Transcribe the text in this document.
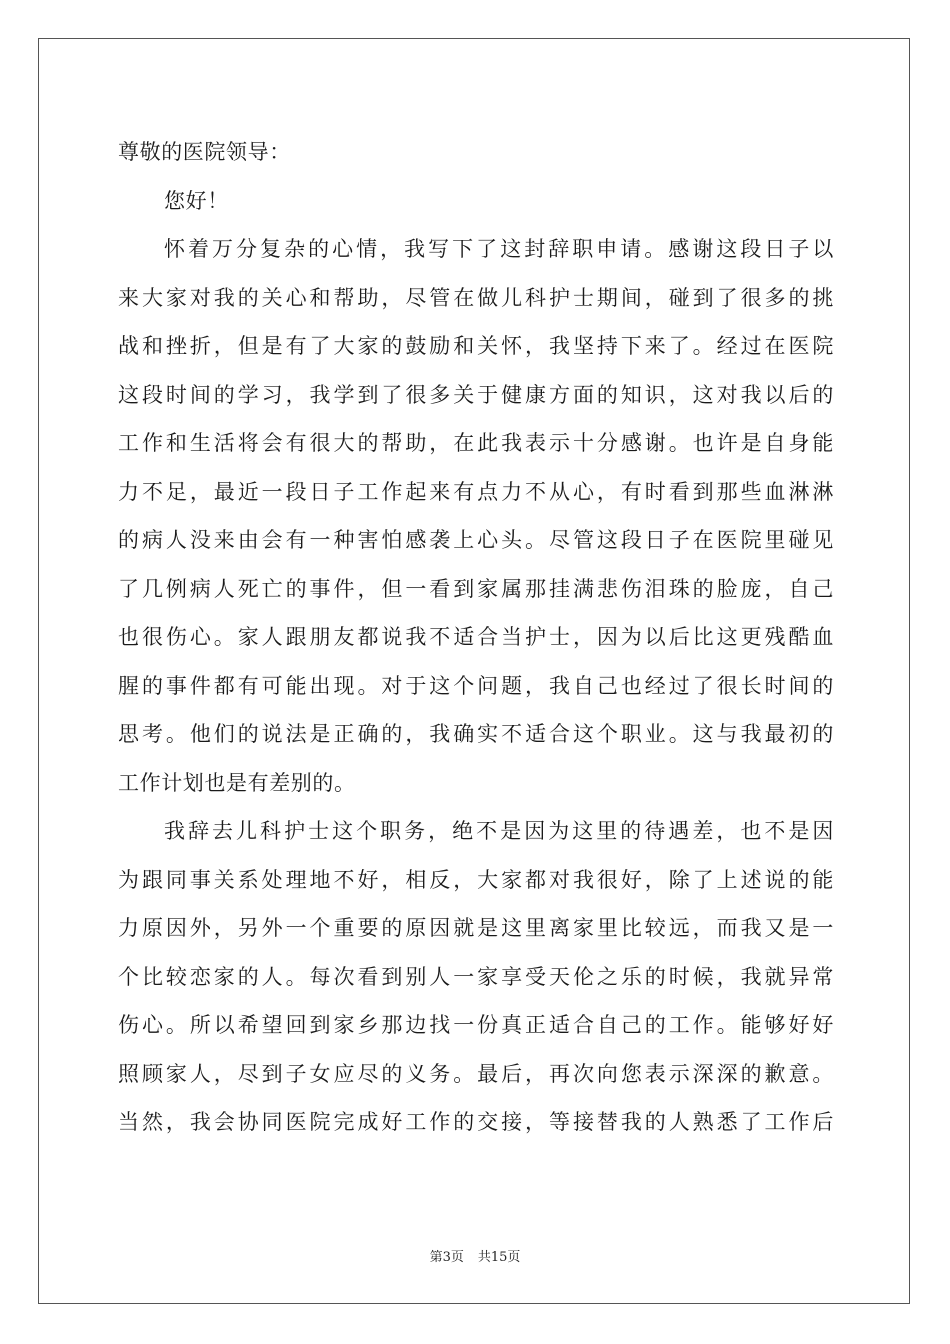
尊敬的医院领导：
您好！
怀着万分复杂的心情，我写下了这封辞职申请。感谢这段日子以
来大家对我的关心和帮助，尽管在做儿科护士期间，碰到了很多的挑
战和挫折，但是有了大家的鼓励和关怀，我坚持下来了。经过在医院
这段时间的学习，我学到了很多关于健康方面的知识，这对我以后的
工作和生活将会有很大的帮助，在此我表示十分感谢。也许是自身能
力不足，最近一段日子工作起来有点力不从心，有时看到那些血淋淋
的病人没来由会有一种害怕感袭上心头。尽管这段日子在医院里碰见
了几例病人死亡的事件，但一看到家属那挂满悲伤泪珠的脸庞，自己
也很伤心。家人跟朋友都说我不适合当护士，因为以后比这更残酷血
腥的事件都有可能出现。对于这个问题，我自己也经过了很长时间的
思考。他们的说法是正确的，我确实不适合这个职业。这与我最初的
工作计划也是有差别的。
我辞去儿科护士这个职务，绝不是因为这里的待遇差，也不是因
为跟同事关系处理地不好，相反，大家都对我很好，除了上述说的能
力原因外，另外一个重要的原因就是这里离家里比较远，而我又是一
个比较恋家的人。每次看到别人一家享受天伦之乐的时候，我就异常
伤心。所以希望回到家乡那边找一份真正适合自己的工作。能够好好
照顾家人，尽到子女应尽的义务。最后，再次向您表示深深的歉意。
当然，我会协同医院完成好工作的交接，等接替我的人熟悉了工作后
第3页 共15页
